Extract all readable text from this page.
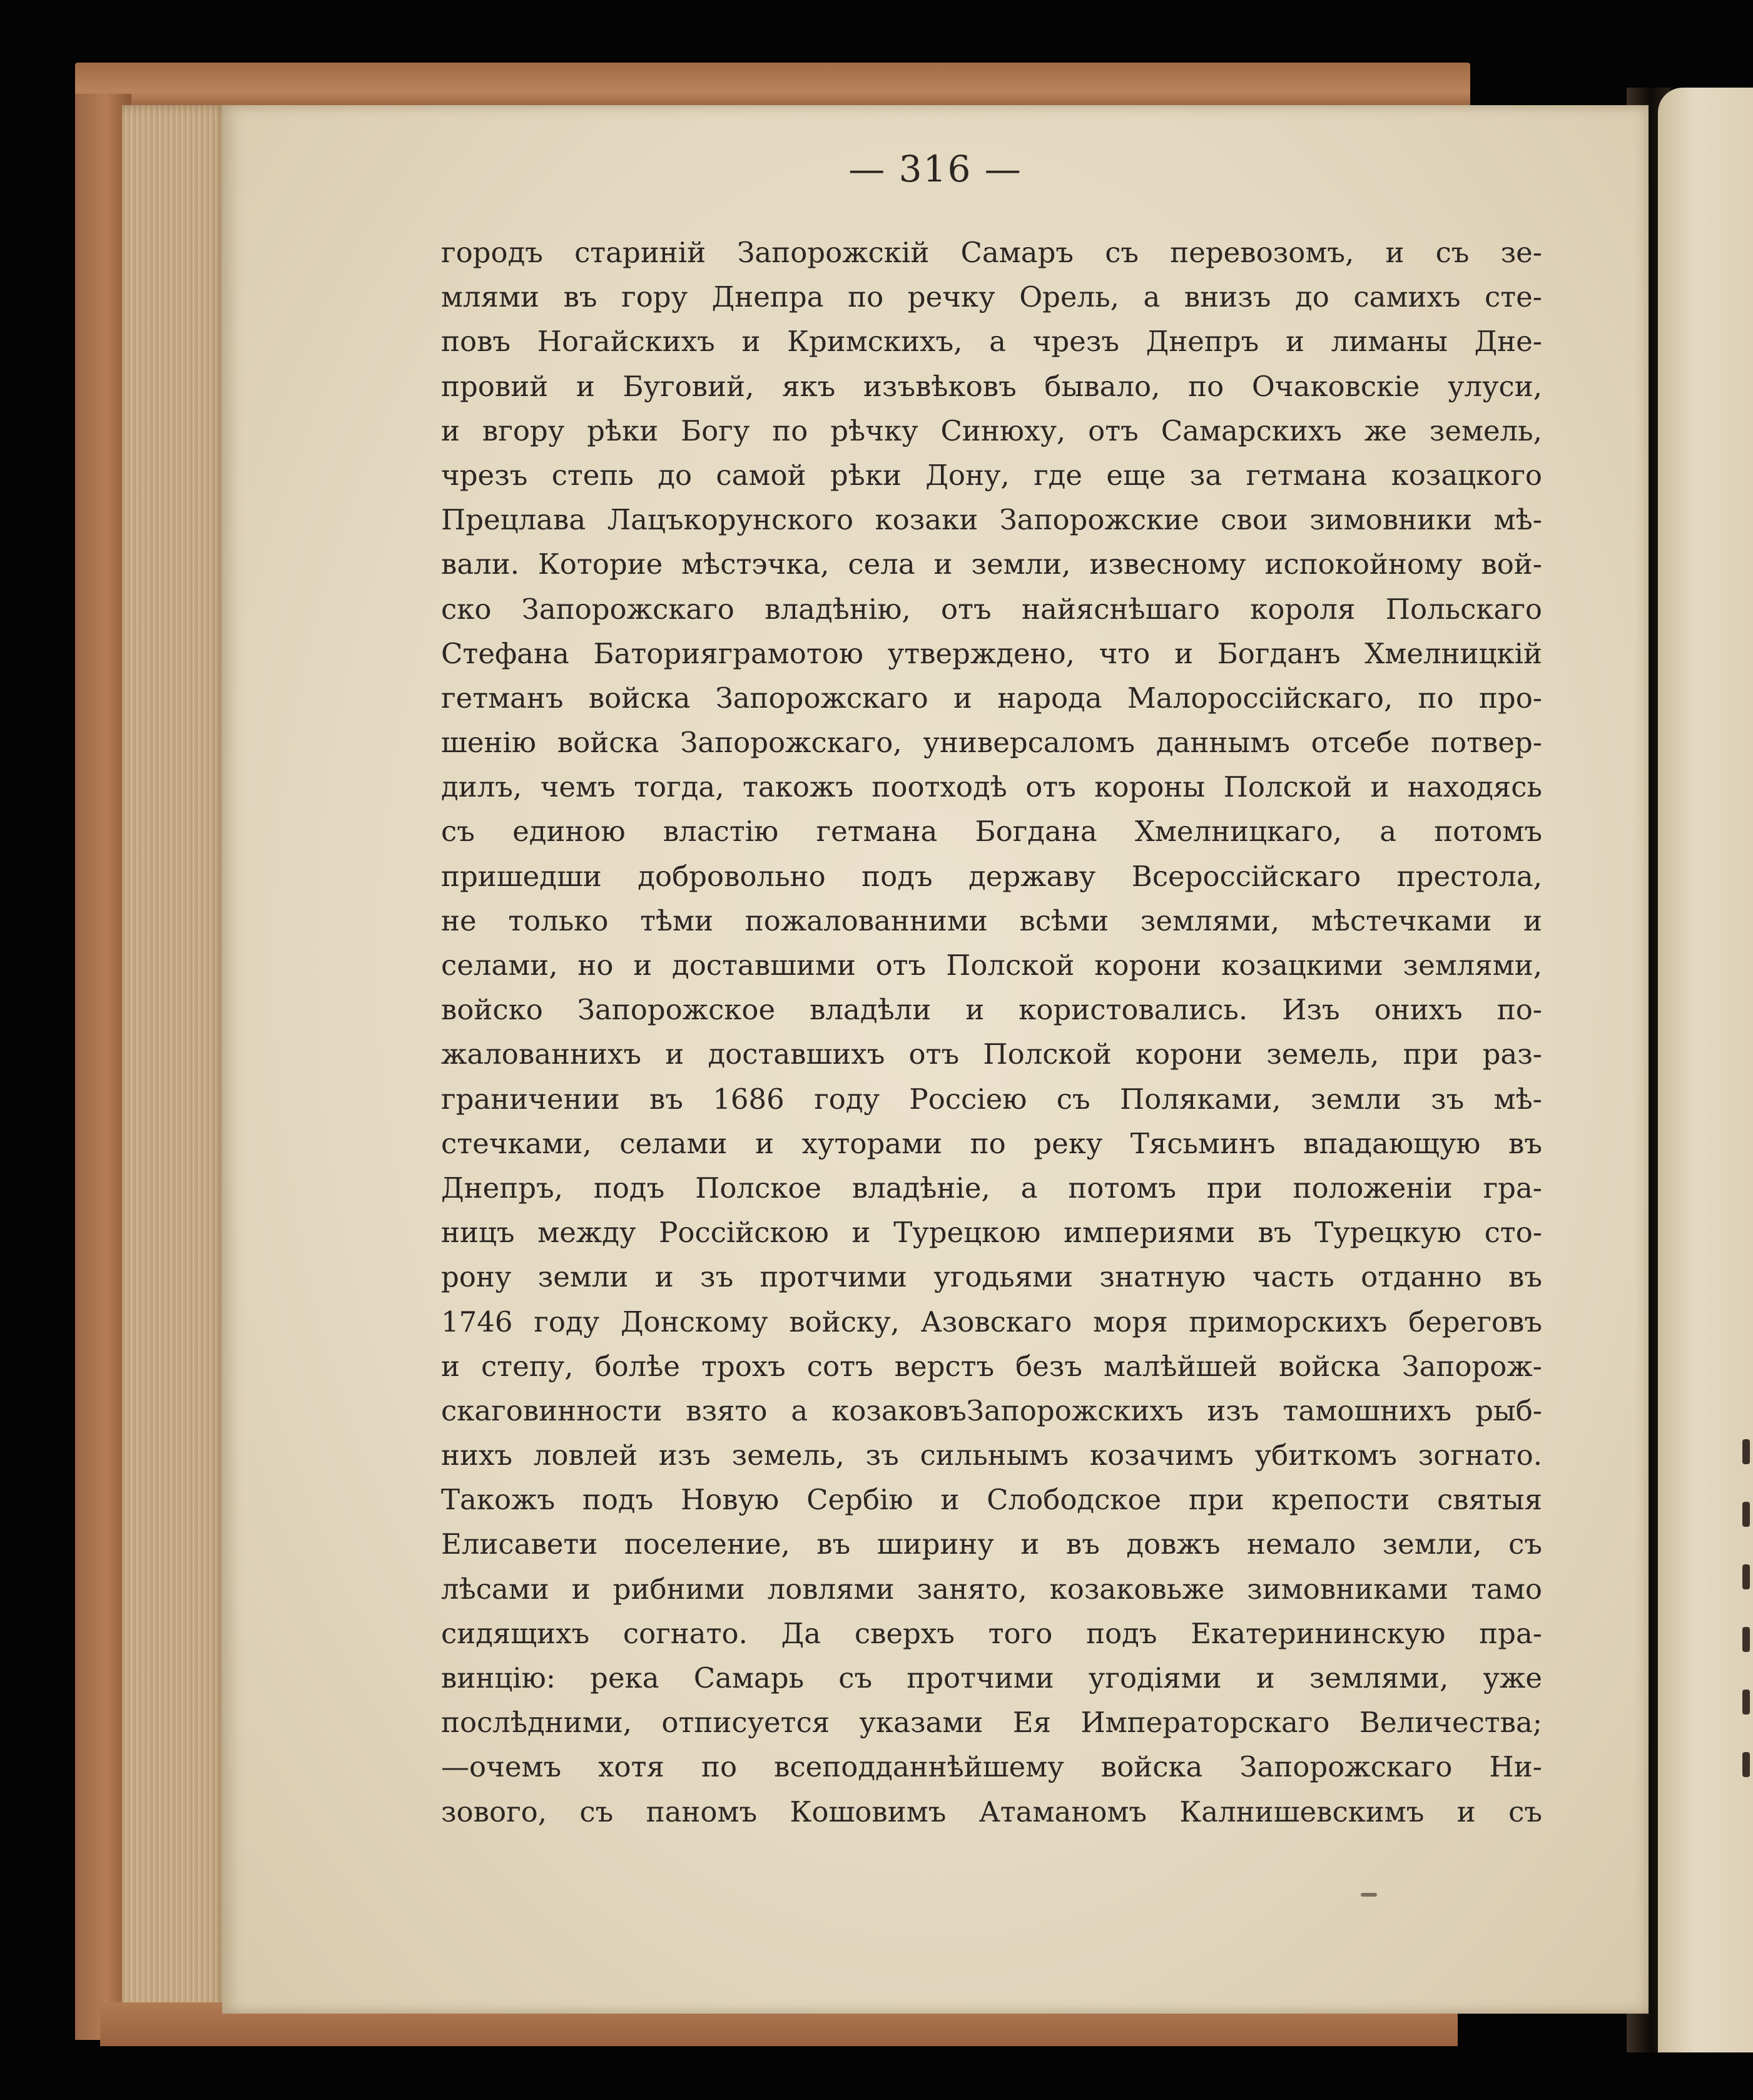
— 316 —
городъ стариній Запорожскій Самаръ съ перевозомъ, и съ зе-
млями въ гору Днепра по речку Орель, а внизъ до самихъ сте-
повъ Ногайскихъ и Кримскихъ, а чрезъ Днепръ и лиманы Дне-
провий и Буговий, якъ изъвѣковъ бывало, по Очаковскіе улуси,
и вгору рѣки Богу по рѣчку Синюху, отъ Самарскихъ же земель,
чрезъ степь до самой рѣки Дону, где еще за гетмана козацкого
Прецлава Лацъкорунского козаки Запорожские свои зимовники мѣ-
вали. Которие мѣстэчка, села и земли, извесному испокойному вой-
ско Запорожскаго владѣнію, отъ найяснѣшаго короля Польскаго
Стефана Баторияграмотою утверждено, что и Богданъ Хмелницкій
гетманъ войска Запорожскаго и народа Малороссійскаго, по про-
шенію войска Запорожскаго, универсаломъ даннымъ отсебе потвер-
дилъ, чемъ тогда, такожъ поотходѣ отъ короны Полской и находясь
съ единою властію гетмана Богдана Хмелницкаго, а потомъ
пришедши добровольно подъ державу Всероссійскаго престола,
не только тѣми пожалованними всѣми землями, мѣстечками и
селами, но и доставшими отъ Полской корони козацкими землями,
войско Запорожское владѣли и користовались. Изъ онихъ по-
жалованнихъ и доставшихъ отъ Полской корони земель, при раз-
граничении въ 1686 году Россіею съ Поляками, земли зъ мѣ-
стечками, селами и хуторами по реку Тясьминъ впадающую въ
Днепръ, подъ Полское владѣніе, а потомъ при положеніи гра-
ницъ между Россійскою и Турецкою империями въ Турецкую сто-
рону земли и зъ протчими угодьями знатную часть отданно въ
1746 году Донскому войску, Азовскаго моря приморскихъ береговъ
и степу, болѣе трохъ сотъ верстъ безъ малѣйшей войска Запорож-
скаговинности взято а козаковъЗапорожскихъ изъ тамошнихъ рыб-
нихъ ловлей изъ земель, зъ сильнымъ козачимъ убиткомъ зогнато.
Такожъ подъ Новую Сербію и Слободское при крепости святыя
Елисавети поселение, въ ширину и въ довжъ немало земли, съ
лѣсами и рибними ловлями занято, козаковьже зимовниками тамо
сидящихъ согнато. Да сверхъ того подъ Екатерининскую пра-
винцію: река Самарь съ протчими угодіями и землями, уже
послѣдними, отписуется указами Ея Императорскаго Величества;
—очемъ хотя по всеподданнѣйшему войска Запорожскаго Ни-
зового, съ паномъ Кошовимъ Атаманомъ Калнишевскимъ и съ
